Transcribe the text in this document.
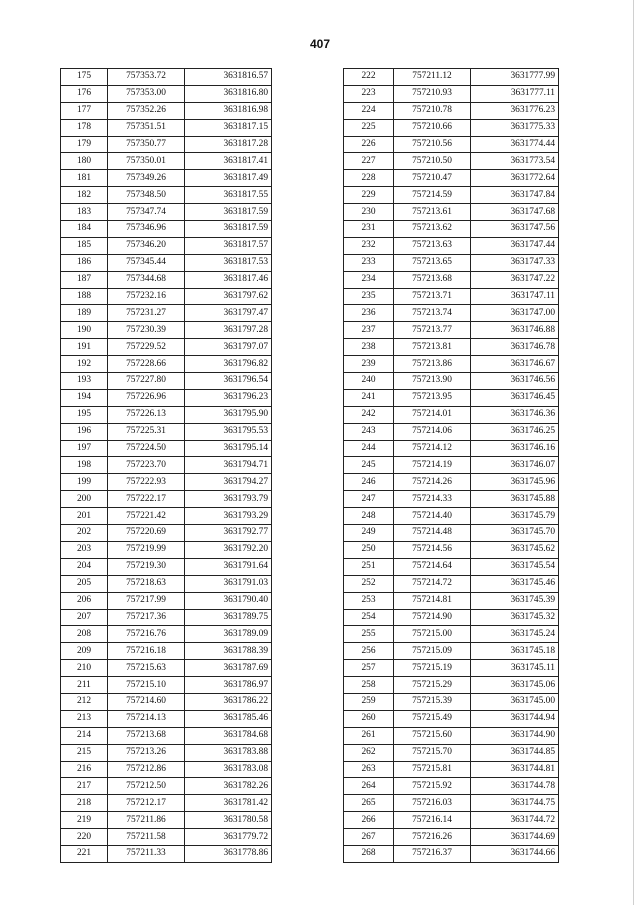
407
175	757353.72	3631816.57
176	757353.00	3631816.80
177	757352.26	3631816.98
178	757351.51	3631817.15
179	757350.77	3631817.28
180	757350.01	3631817.41
181	757349.26	3631817.49
182	757348.50	3631817.55
183	757347.74	3631817.59
184	757346.96	3631817.59
185	757346.20	3631817.57
186	757345.44	3631817.53
187	757344.68	3631817.46
188	757232.16	3631797.62
189	757231.27	3631797.47
190	757230.39	3631797.28
191	757229.52	3631797.07
192	757228.66	3631796.82
193	757227.80	3631796.54
194	757226.96	3631796.23
195	757226.13	3631795.90
196	757225.31	3631795.53
197	757224.50	3631795.14
198	757223.70	3631794.71
199	757222.93	3631794.27
200	757222.17	3631793.79
201	757221.42	3631793.29
202	757220.69	3631792.77
203	757219.99	3631792.20
204	757219.30	3631791.64
205	757218.63	3631791.03
206	757217.99	3631790.40
207	757217.36	3631789.75
208	757216.76	3631789.09
209	757216.18	3631788.39
210	757215.63	3631787.69
211	757215.10	3631786.97
212	757214.60	3631786.22
213	757214.13	3631785.46
214	757213.68	3631784.68
215	757213.26	3631783.88
216	757212.86	3631783.08
217	757212.50	3631782.26
218	757212.17	3631781.42
219	757211.86	3631780.58
220	757211.58	3631779.72
221	757211.33	3631778.86
222	757211.12	3631777.99
223	757210.93	3631777.11
224	757210.78	3631776.23
225	757210.66	3631775.33
226	757210.56	3631774.44
227	757210.50	3631773.54
228	757210.47	3631772.64
229	757214.59	3631747.84
230	757213.61	3631747.68
231	757213.62	3631747.56
232	757213.63	3631747.44
233	757213.65	3631747.33
234	757213.68	3631747.22
235	757213.71	3631747.11
236	757213.74	3631747.00
237	757213.77	3631746.88
238	757213.81	3631746.78
239	757213.86	3631746.67
240	757213.90	3631746.56
241	757213.95	3631746.45
242	757214.01	3631746.36
243	757214.06	3631746.25
244	757214.12	3631746.16
245	757214.19	3631746.07
246	757214.26	3631745.96
247	757214.33	3631745.88
248	757214.40	3631745.79
249	757214.48	3631745.70
250	757214.56	3631745.62
251	757214.64	3631745.54
252	757214.72	3631745.46
253	757214.81	3631745.39
254	757214.90	3631745.32
255	757215.00	3631745.24
256	757215.09	3631745.18
257	757215.19	3631745.11
258	757215.29	3631745.06
259	757215.39	3631745.00
260	757215.49	3631744.94
261	757215.60	3631744.90
262	757215.70	3631744.85
263	757215.81	3631744.81
264	757215.92	3631744.78
265	757216.03	3631744.75
266	757216.14	3631744.72
267	757216.26	3631744.69
268	757216.37	3631744.66
